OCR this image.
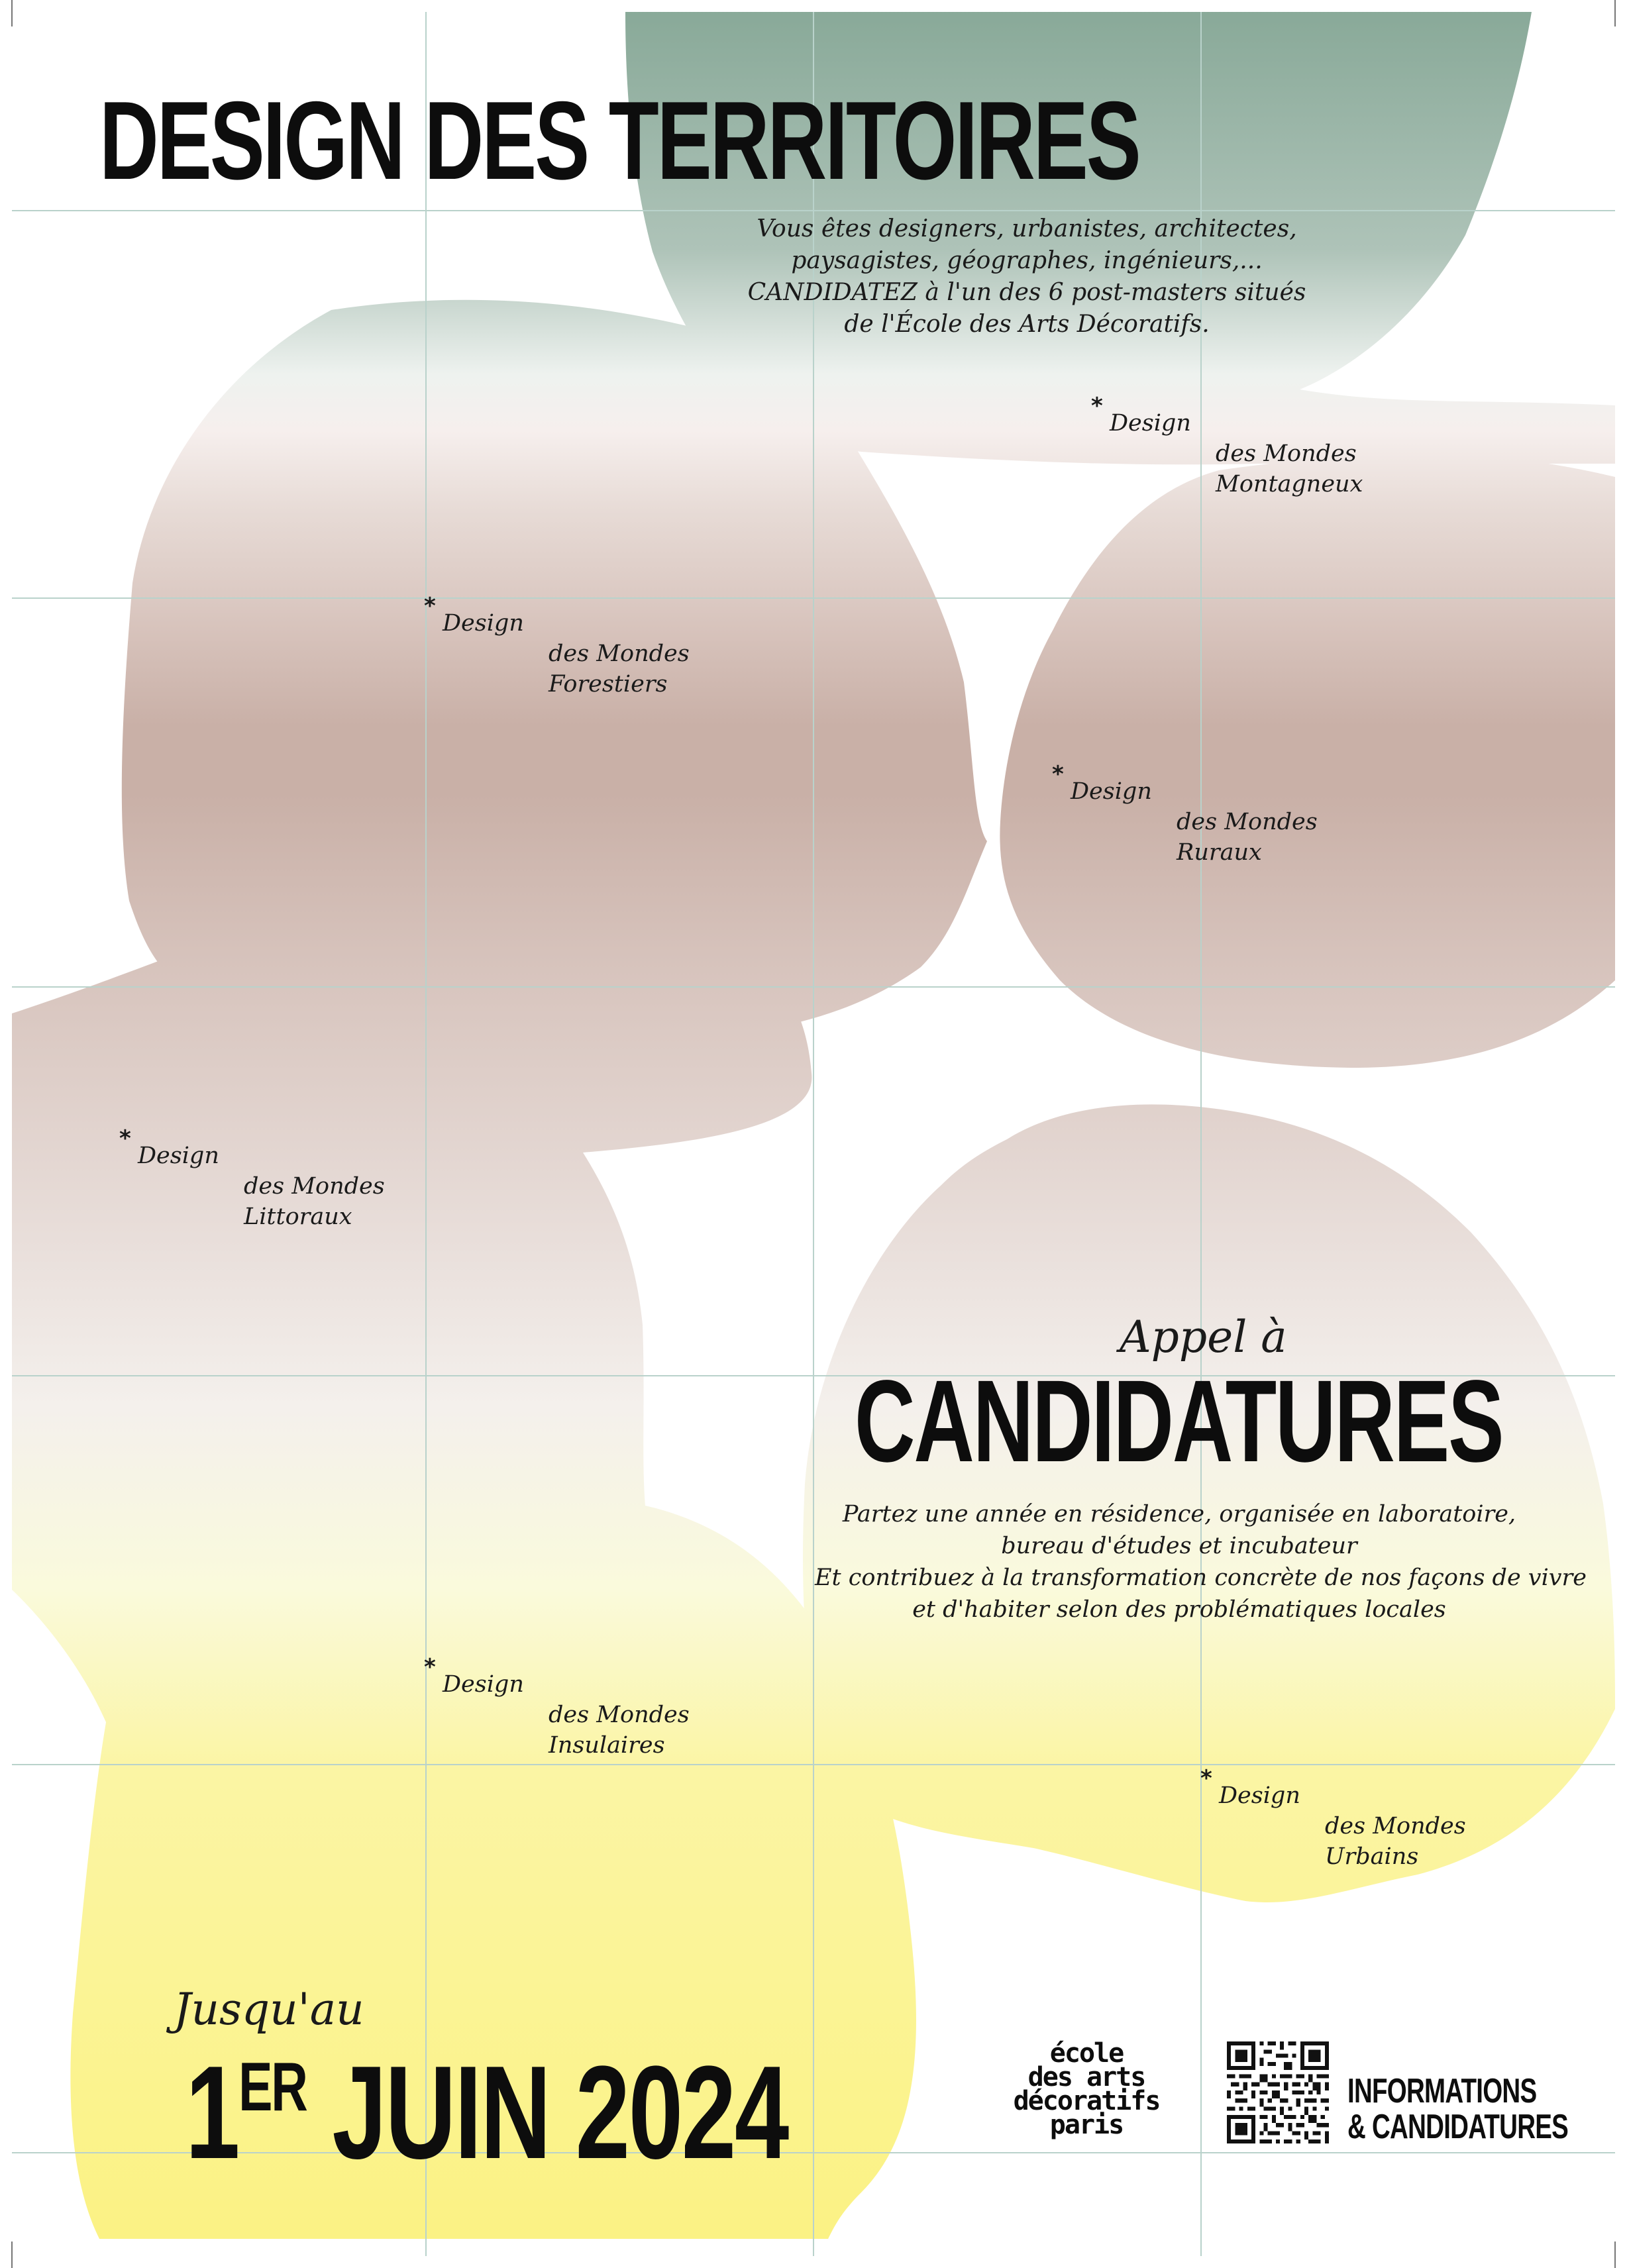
DESIGN DES TERRITOIRES
Vous êtes designers, urbanistes, architectes,
paysagistes, géographes, ingénieurs,...
CANDIDATEZ à l'un des 6 post-masters situés
de l'École des Arts Décoratifs.
*
Design
des Mondes
Montagneux
*
Design
des Mondes
Forestiers
*
Design
des Mondes
Ruraux
*
Design
des Mondes
Littoraux
*
Design
des Mondes
Insulaires
*
Design
des Mondes
Urbains
Appel à
CANDIDATURES
Partez une année en résidence, organisée en laboratoire,
bureau d'études et incubateur
Et contribuez à la transformation concrète de nos façons de vivre
et d'habiter selon des problématiques locales
Jusqu'au
1ER JUIN 2024	école
des arts
décoratifs
paris
INFORMATIONS
& CANDIDATURES
